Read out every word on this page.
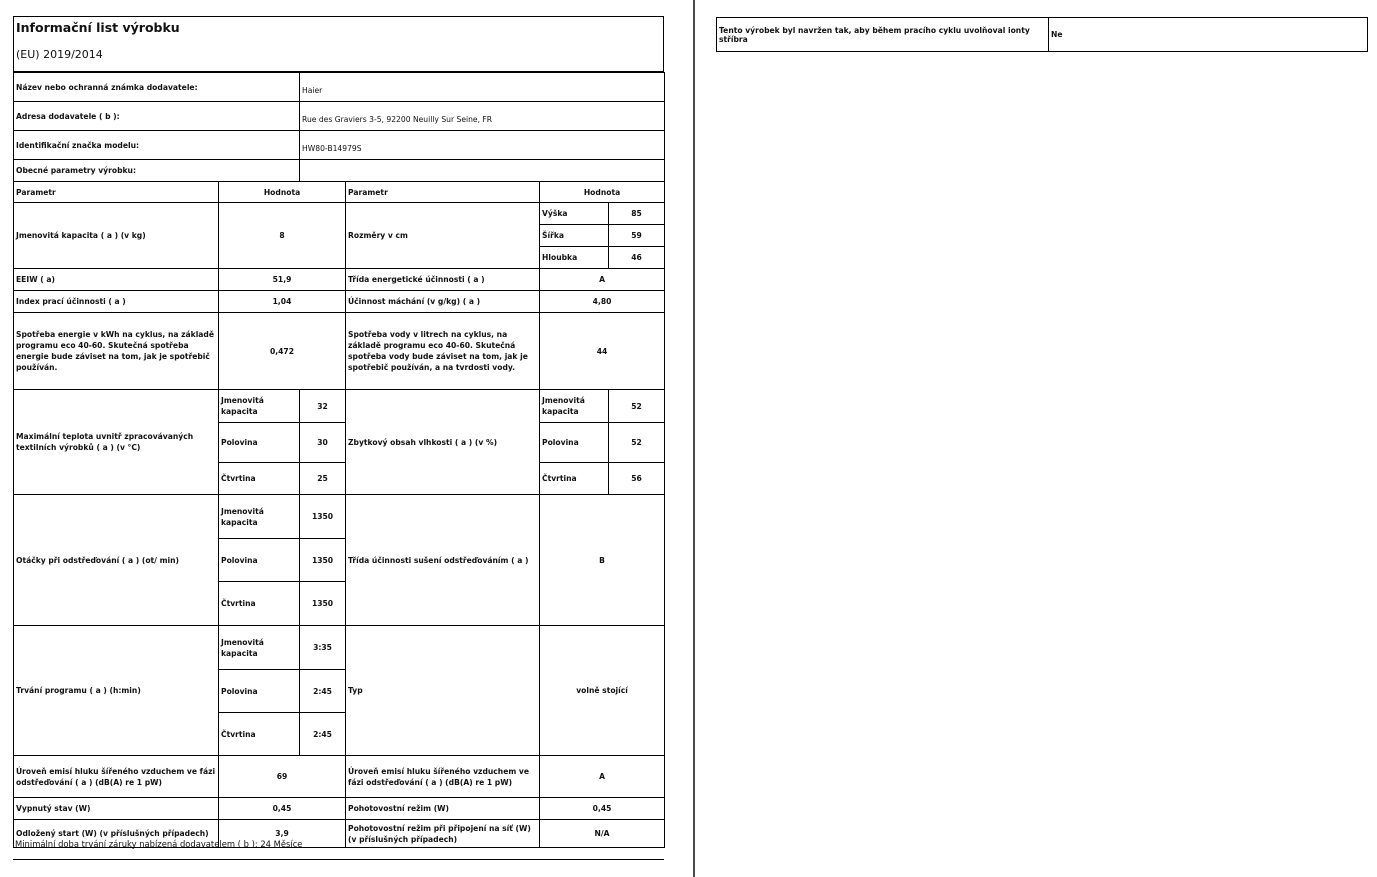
Informační list výrobku
(EU) 2019/2014
Název nebo ochranná známka dodavatele:		Haier			
Adresa dodavatele ( b ):		Rue des Graviers 3-5, 92200 Neuilly Sur Seine, FR			
Identifikační značka modelu:		HW80-B14979S			
Obecné parametry výrobku:					
Parametr	Hodnota		Parametr	Hodnota	
Jmenovitá kapacita ( a ) (v kg)	8		Rozměry v cm	Výška	85
				Šířka	59
				Hloubka	46
EEIW ( a)	51,9		Třída energetické účinnosti ( a )	A	
Index prací účinnosti ( a )	1,04		Účinnost máchání (v g/kg) ( a )	4,80	
Spotřeba energie v kWh na cyklus, na základě programu eco 40-60. Skutečná spotřeba energie bude záviset na tom, jak je spotřebič používán.	0,472		Spotřeba vody v litrech na cyklus, na základě programu eco 40-60. Skutečná spotřeba vody bude záviset na tom, jak je spotřebič používán, a na tvrdosti vody.	44	
Maximální teplota uvnitř zpracovávaných textilních výrobků ( a ) (v °C)	Jmenovitá kapacita	32	Zbytkový obsah vlhkosti ( a ) (v %)	Jmenovitá kapacita	52
	Polovina	30		Polovina	52
	Čtvrtina	25		Čtvrtina	56
Otáčky při odstřeďování ( a ) (ot/ min)	Jmenovitá kapacita	1350	Třída účinnosti sušení odstřeďováním ( a )	B	
	Polovina	1350			
	Čtvrtina	1350			
Trvání programu ( a ) (h:min)	Jmenovitá kapacita	3:35	Typ	volně stojící	
	Polovina	2:45			
	Čtvrtina	2:45			
Úroveň emisí hluku šířeného vzduchem ve fázi odstřeďování ( a ) (dB(A) re 1 pW)	69		Úroveň emisí hluku šířeného vzduchem ve fázi odstřeďování ( a ) (dB(A) re 1 pW)	A	
Vypnutý stav (W)	0,45		Pohotovostní režim (W)	0,45	
Odložený start (W) (v příslušných případech)	3,9		Pohotovostní režim při připojení na síť (W) (v příslušných případech)	N/A	
Minimální doba trvání záruky nabízená dodavatelem ( b ): 24 Měsíce
Tento výrobek byl navržen tak, aby během pracího cyklu uvolňoval ionty stříbra	Ne
